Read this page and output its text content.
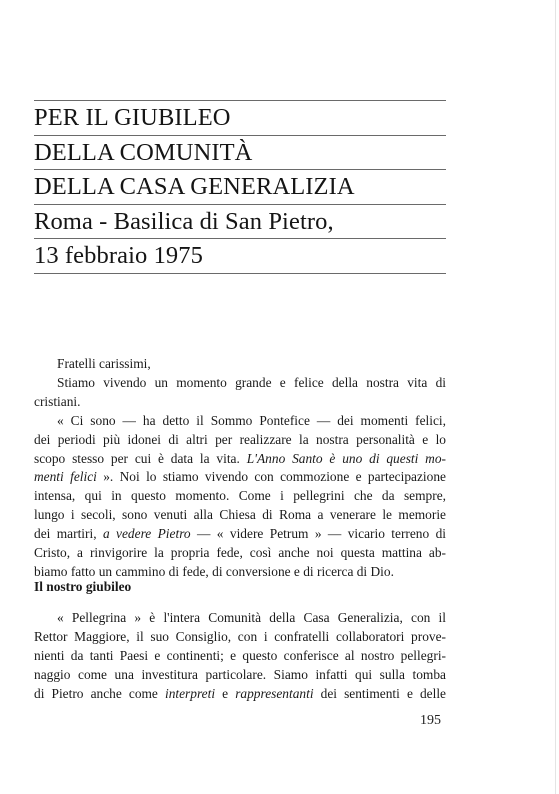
PER IL GIUBILEO
DELLA COMUNITÀ
DELLA CASA GENERALIZIA
Roma - Basilica di San Pietro,
13 febbraio 1975

Fratelli carissimi,

Stiamo vivendo un momento grande e felice della nostra vita di
cristiani.

« Ci sono — ha detto il Sommo Pontefice — dei momenti felici,
dei periodi più idonei di altri per realizzare la nostra personalità e lo
scopo stesso per cui è data la vita. L'Anno Santo è uno di questi mo-
menti felici ». Noi lo stiamo vivendo con commozione e partecipazione
intensa, qui in questo momento. Come i pellegrini che da sempre,
lungo i secoli, sono venuti alla Chiesa di Roma a venerare le memorie
dei martiri, a vedere Pietro — « videre Petrum » — vicario terreno di
Cristo, a rinvigorire la propria fede, così anche noi questa mattina ab-
biamo fatto un cammino di fede, di conversione e di ricerca di Dio.

Il nostro giubileo

« Pellegrina » è l'intera Comunità della Casa Generalizia, con il
Rettor Maggiore, il suo Consiglio, con i confratelli collaboratori prove-
nienti da tanti Paesi e continenti; e questo conferisce al nostro pellegri-
naggio come una investitura particolare. Siamo infatti qui sulla tomba
di Pietro anche come interpreti e rappresentanti dei sentimenti e delle

195
